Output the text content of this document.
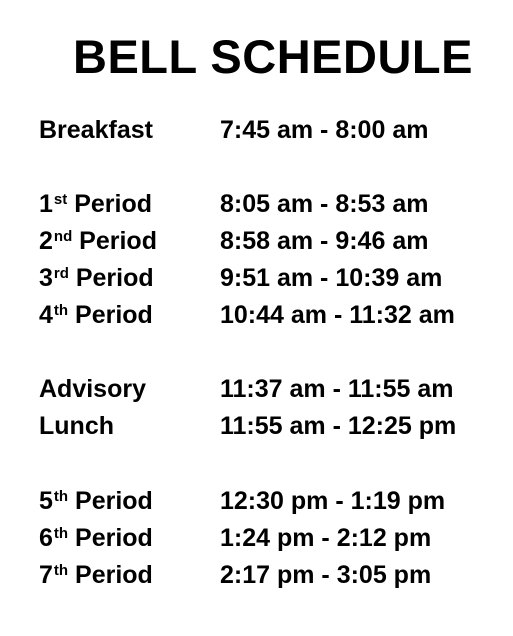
BELL SCHEDULE
Breakfast	7:45 am - 8:00 am
1st Period	8:05 am - 8:53 am
2nd Period	8:58 am - 9:46 am
3rd Period	9:51 am - 10:39 am
4th Period	10:44 am - 11:32 am
Advisory	11:37 am - 11:55 am
Lunch	11:55 am - 12:25 pm
5th Period	12:30 pm - 1:19 pm
6th Period	1:24 pm - 2:12 pm
7th Period	2:17 pm - 3:05 pm
